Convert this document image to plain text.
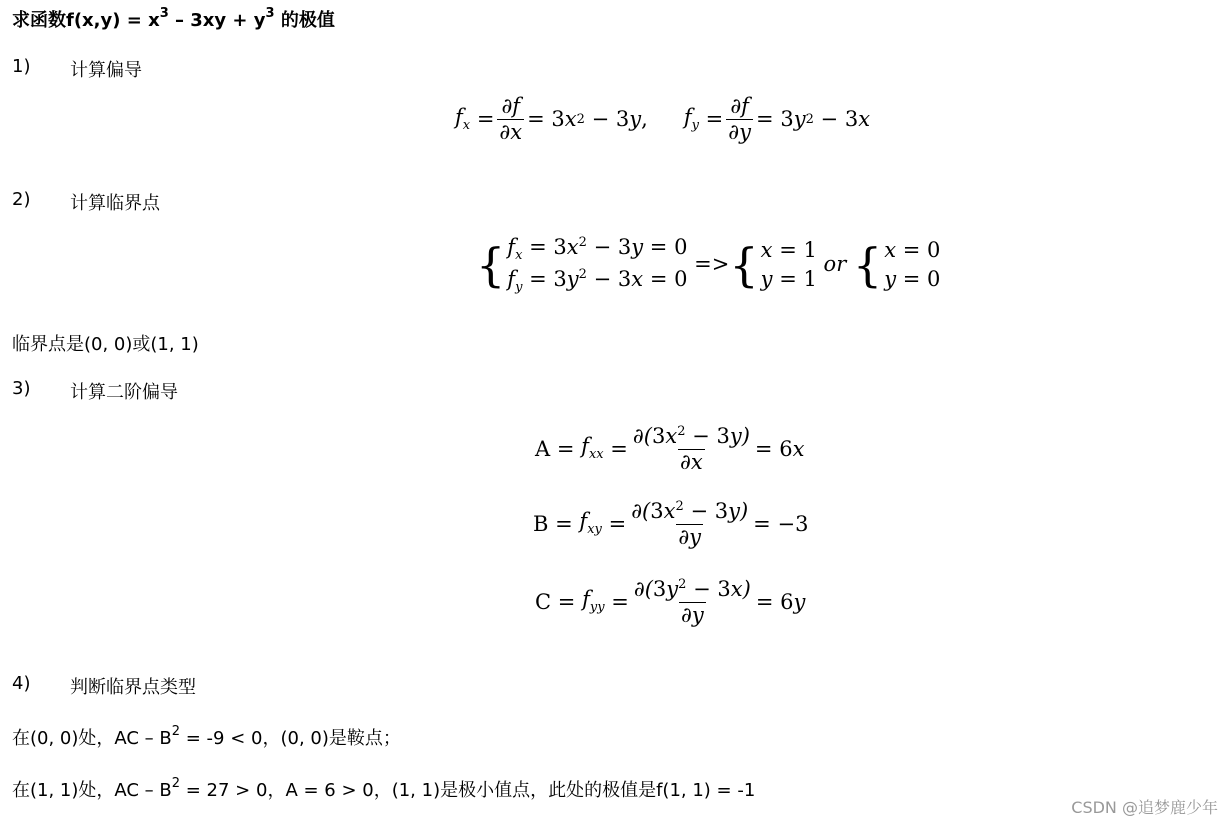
求函数$f(x,y) = x^3 - 3xy + y^3$ 的极值
1) 计算偏导
$f_x$
= $\frac{\partial f}{\partial x}$ =
3 x 2
−
3 y , $f_y$
= $\frac{\partial f}{\partial y}$ =
3 y 2
−
3 x
2) 计算临界点
{ $f_x = 3x^2 - 3y = 0$
$f_y = 3y^2 - 3x = 0$
=> { x = 1
y = 1
or { x = 0
y = 0
临界点是(0, 0)或(1, 1)
3) 计算二阶偏导
A
=
$f_{xx}$
= $\frac{\partial(3x^2 - 3y)}{\partial x}$ =
6 x
B
=
$f_{xy}$
= $\frac{\partial(3x^2 - 3y)}{\partial y}$ =
−3
C
=
$f_{yy}$
= $\frac{\partial(3y^2 - 3x)}{\partial y}$ =
6 y
4) 判断临界点类型
在(0, 0)处，AC – $B^2 = -9 < 0$，(0, 0)是鞍点；
在(1, 1)处，AC – $B^2 = 27 > 0$，A = 6 > 0，(1, 1)是极小值点，此处的极值是f(1, 1) = -1
CSDN @追梦鹿少年
